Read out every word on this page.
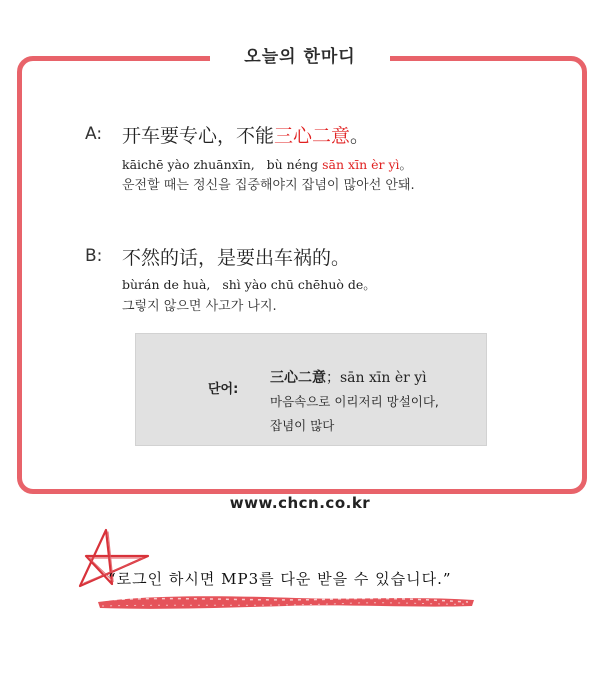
오늘의 한마디
A: 开车要专心，不能三心二意。
kāichē yào zhuānxīn,   bù néng sān xīn èr yì。
운전할 때는 정신을 집중해야지 잡념이 많아선 안돼.
B: 不然的话，是要出车祸的。
bùrán de huà,   shì yào chū chēhuò de。
그렇지 않으면 사고가 나지.
단어:
三心二意；sān xīn èr yì
마음속으로 이리저리 망설이다,
잡념이 많다
www.chcn.co.kr
“로그인 하시면 MP3를 다운 받을 수 있습니다.”
